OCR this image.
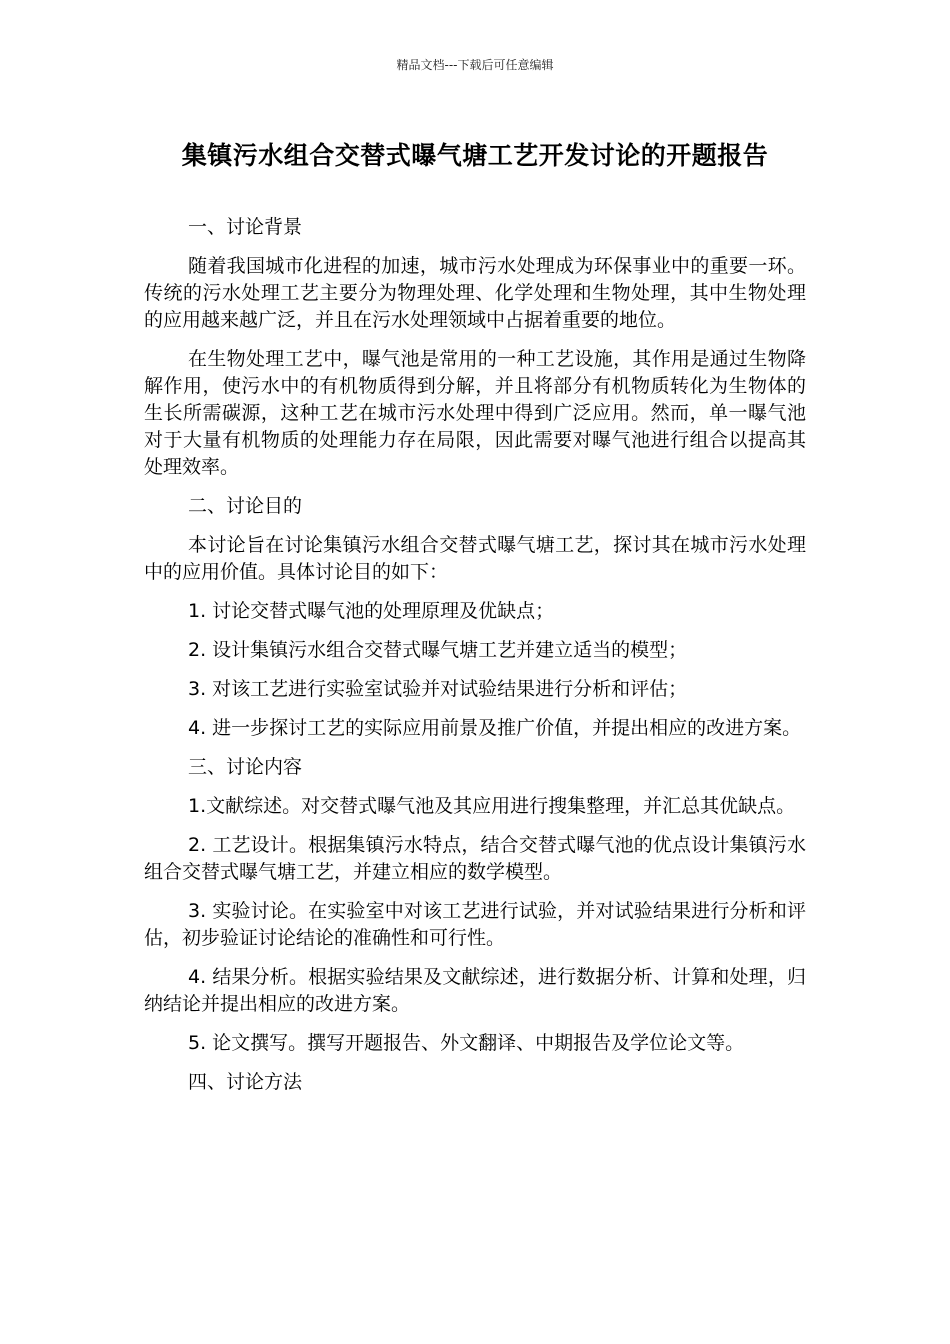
精品文档---下载后可任意编辑
集镇污水组合交替式曝气塘工艺开发讨论的开题报告

一、讨论背景

随着我国城市化进程的加速，城市污水处理成为环保事业中的重要一环。传统的污水处理工艺主要分为物理处理、化学处理和生物处理，其中生物处理的应用越来越广泛，并且在污水处理领域中占据着重要的地位。

在生物处理工艺中，曝气池是常用的一种工艺设施，其作用是通过生物降解作用，使污水中的有机物质得到分解，并且将部分有机物质转化为生物体的生长所需碳源，这种工艺在城市污水处理中得到广泛应用。然而，单一曝气池对于大量有机物质的处理能力存在局限，因此需要对曝气池进行组合以提高其处理效率。

二、讨论目的

本讨论旨在讨论集镇污水组合交替式曝气塘工艺，探讨其在城市污水处理中的应用价值。具体讨论目的如下：

1. 讨论交替式曝气池的处理原理及优缺点；

2. 设计集镇污水组合交替式曝气塘工艺并建立适当的模型；

3. 对该工艺进行实验室试验并对试验结果进行分析和评估；

4. 进一步探讨工艺的实际应用前景及推广价值，并提出相应的改进方案。

三、讨论内容

1.文献综述。对交替式曝气池及其应用进行搜集整理，并汇总其优缺点。

2. 工艺设计。根据集镇污水特点，结合交替式曝气池的优点设计集镇污水组合交替式曝气塘工艺，并建立相应的数学模型。

3. 实验讨论。在实验室中对该工艺进行试验，并对试验结果进行分析和评估，初步验证讨论结论的准确性和可行性。

4. 结果分析。根据实验结果及文献综述，进行数据分析、计算和处理，归纳结论并提出相应的改进方案。

5. 论文撰写。撰写开题报告、外文翻译、中期报告及学位论文等。

四、讨论方法
